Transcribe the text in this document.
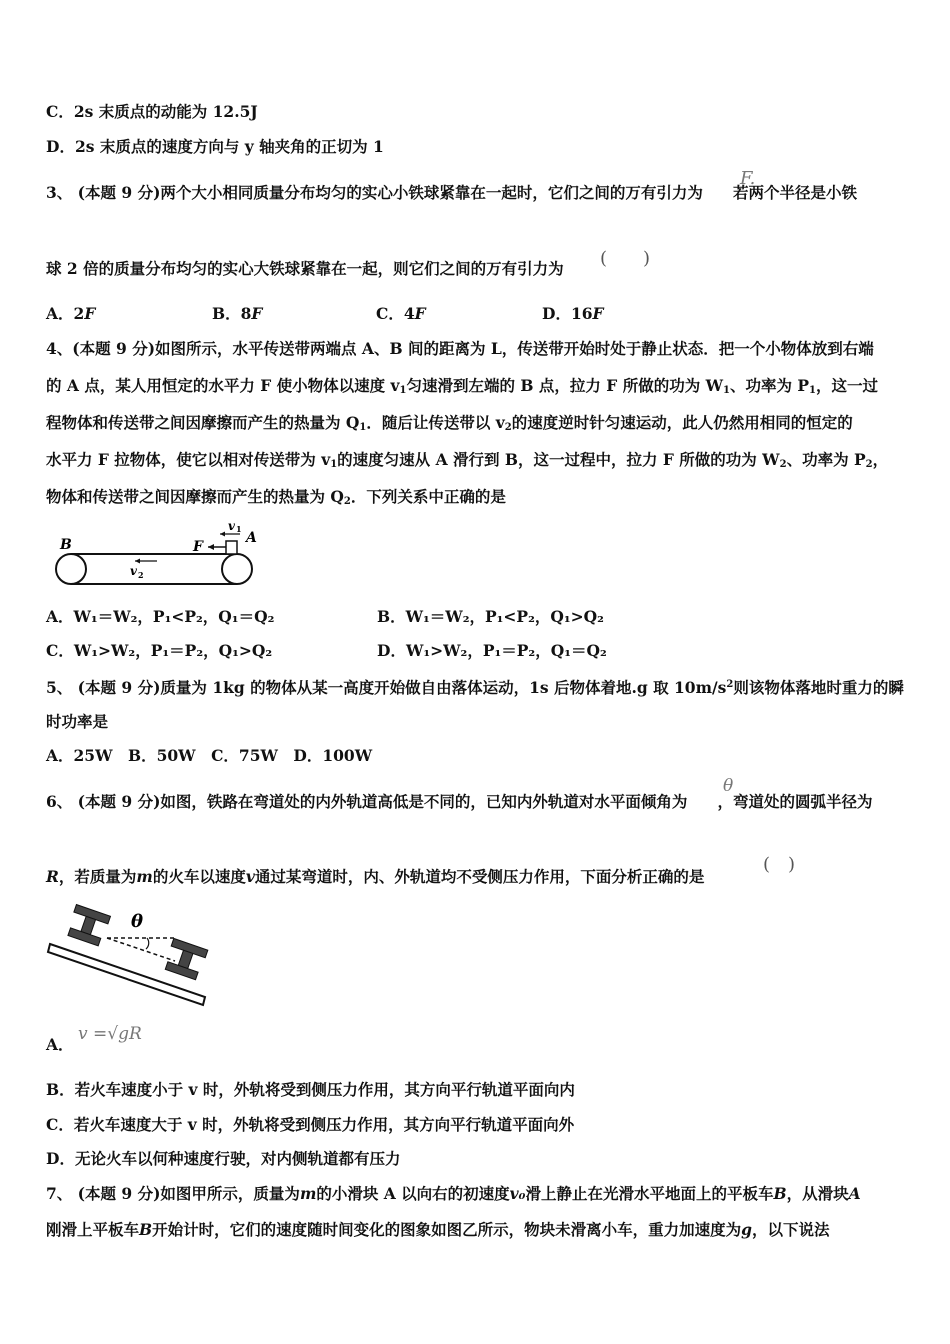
C．2s 末质点的动能为 12.5J
D．2s 末质点的速度方向与 y 轴夹角的正切为 1
3、 (本题 9 分)两个大小相同质量分布均匀的实心小铁球紧靠在一起时，它们之间的万有引力为 若两个半径是小铁
F.
球 2 倍的质量分布均匀的实心大铁球紧靠在一起，则它们之间的万有引力为 (　　)
A．2F	B．8F	C．4F	D．16F
4、(本题 9 分)如图所示，水平传送带两端点 A、B 间的距离为 L，传送带开始时处于静止状态．把一个小物体放到右端
的 A 点，某人用恒定的水平力 F 使小物体以速度 $v_1$匀速滑到左端的 B 点，拉力 F 所做的功为 $W_1$、功率为 $P_1$，这一过
程物体和传送带之间因摩擦而产生的热量为 $Q_1$．随后让传送带以 $v_2$的速度逆时针匀速运动，此人仍然用相同的恒定的
水平力 F 拉物体，使它以相对传送带为 $v_1$的速度匀速从 A 滑行到 B，这一过程中，拉力 F 所做的功为 $W_2$、功率为 $P_2$，
物体和传送带之间因摩擦而产生的热量为 $Q_2$．下列关系中正确的是
B	A
F
v 1
v 2
A．W₁＝W₂，P₁<P₂，Q₁＝Q₂	B．W₁＝W₂，P₁<P₂，Q₁>Q₂
C．W₁>W₂，P₁＝P₂，Q₁>Q₂	D．W₁>W₂，P₁＝P₂，Q₁＝Q₂
5、 (本题 9 分)质量为 1kg 的物体从某一高度开始做自由落体运动，1s 后物体着地.g 取 $10m/s^2$则该物体落地时重力的瞬
时功率是
A．25W　B．50W　C．75W　D．100W
6、 (本题 9 分)如图，铁路在弯道处的内外轨道高低是不同的，已知内外轨道对水平面倾角为 ，弯道处的圆弧半径为
θ
R，若质量为m的火车以速度v通过某弯道时，内、外轨道均不受侧压力作用，下面分析正确的是
(　)
θ
A．
v =√gR
B．若火车速度小于 v 时，外轨将受到侧压力作用，其方向平行轨道平面向内
C．若火车速度大于 v 时，外轨将受到侧压力作用，其方向平行轨道平面向外
D．无论火车以何种速度行驶，对内侧轨道都有压力
7、 (本题 9 分)如图甲所示，质量为m的小滑块 A 以向右的初速度v₀滑上静止在光滑水平地面上的平板车B，从滑块A
刚滑上平板车B开始计时，它们的速度随时间变化的图象如图乙所示，物块未滑离小车，重力加速度为g，以下说法
